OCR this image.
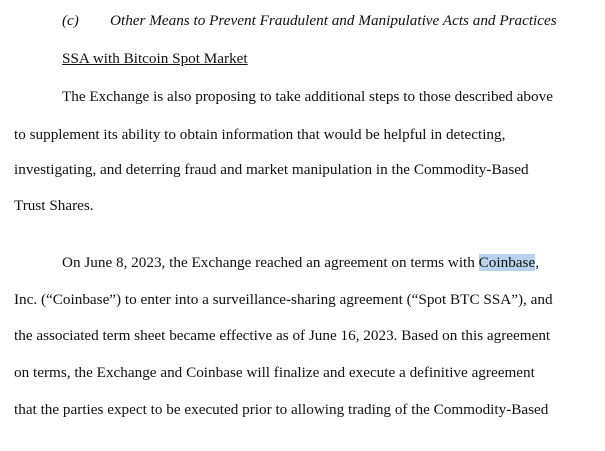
(c) Other Means to Prevent Fraudulent and Manipulative Acts and Practices
SSA with Bitcoin Spot Market
The Exchange is also proposing to take additional steps to those described above
to supplement its ability to obtain information that would be helpful in detecting,
investigating, and deterring fraud and market manipulation in the Commodity-Based
Trust Shares.
On June 8, 2023, the Exchange reached an agreement on terms with Coinbase,
Inc. (“Coinbase”) to enter into a surveillance-sharing agreement (“Spot BTC SSA”), and
the associated term sheet became effective as of June 16, 2023. Based on this agreement
on terms, the Exchange and Coinbase will finalize and execute a definitive agreement
that the parties expect to be executed prior to allowing trading of the Commodity-Based
